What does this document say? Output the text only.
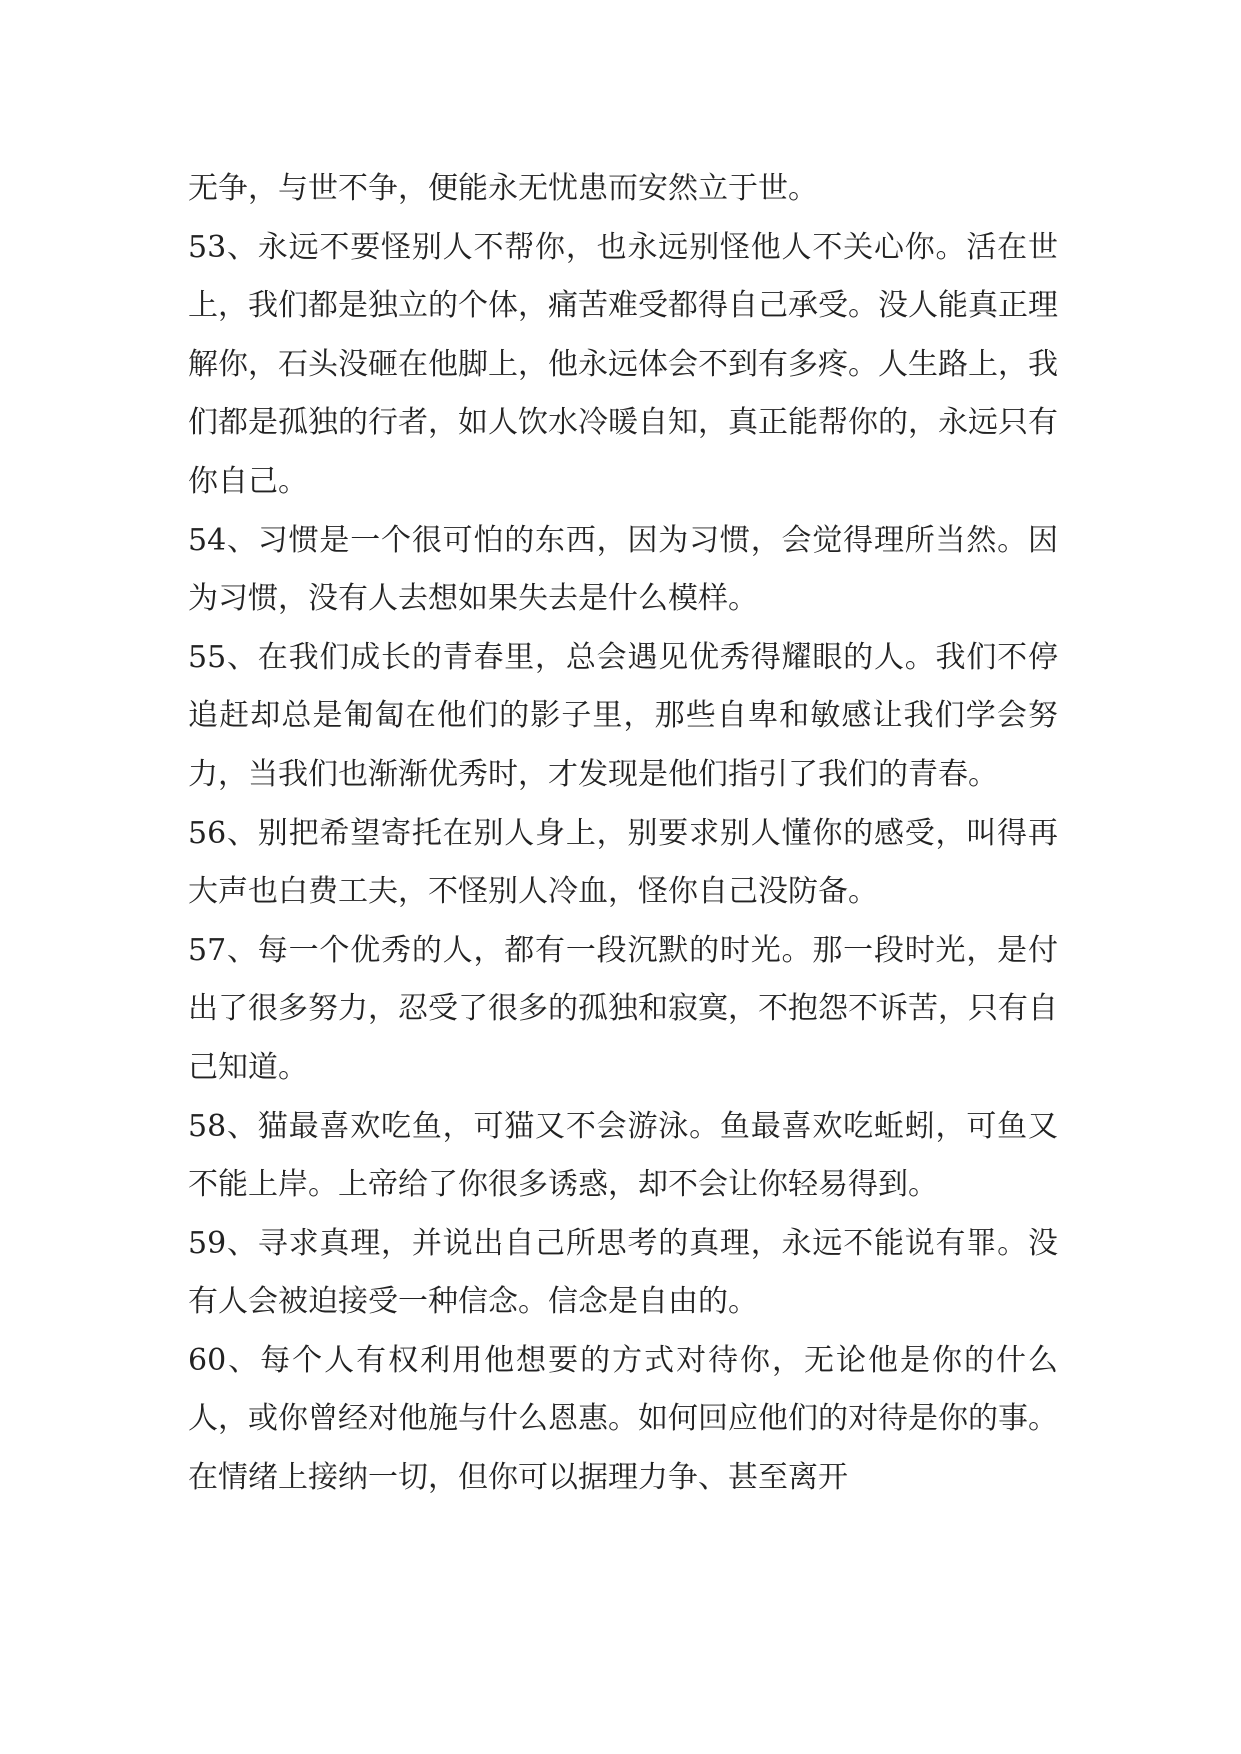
无争，与世不争，便能永无忧患而安然立于世。

53、永远不要怪别人不帮你，也永远别怪他人不关心你。活在世上，我们都是独立的个体，痛苦难受都得自己承受。没人能真正理解你，石头没砸在他脚上，他永远体会不到有多疼。人生路上，我们都是孤独的行者，如人饮水冷暖自知，真正能帮你的，永远只有你自己。

54、习惯是一个很可怕的东西，因为习惯，会觉得理所当然。因为习惯，没有人去想如果失去是什么模样。

55、在我们成长的青春里，总会遇见优秀得耀眼的人。我们不停追赶却总是匍匐在他们的影子里，那些自卑和敏感让我们学会努力，当我们也渐渐优秀时，才发现是他们指引了我们的青春。

56、别把希望寄托在别人身上，别要求别人懂你的感受，叫得再大声也白费工夫，不怪别人冷血，怪你自己没防备。

57、每一个优秀的人，都有一段沉默的时光。那一段时光，是付出了很多努力，忍受了很多的孤独和寂寞，不抱怨不诉苦，只有自己知道。

58、猫最喜欢吃鱼，可猫又不会游泳。鱼最喜欢吃蚯蚓，可鱼又不能上岸。上帝给了你很多诱惑，却不会让你轻易得到。

59、寻求真理，并说出自己所思考的真理，永远不能说有罪。没有人会被迫接受一种信念。信念是自由的。

60、每个人有权利用他想要的方式对待你，无论他是你的什么人，或你曾经对他施与什么恩惠。如何回应他们的对待是你的事。在情绪上接纳一切，但你可以据理力争、甚至离开
